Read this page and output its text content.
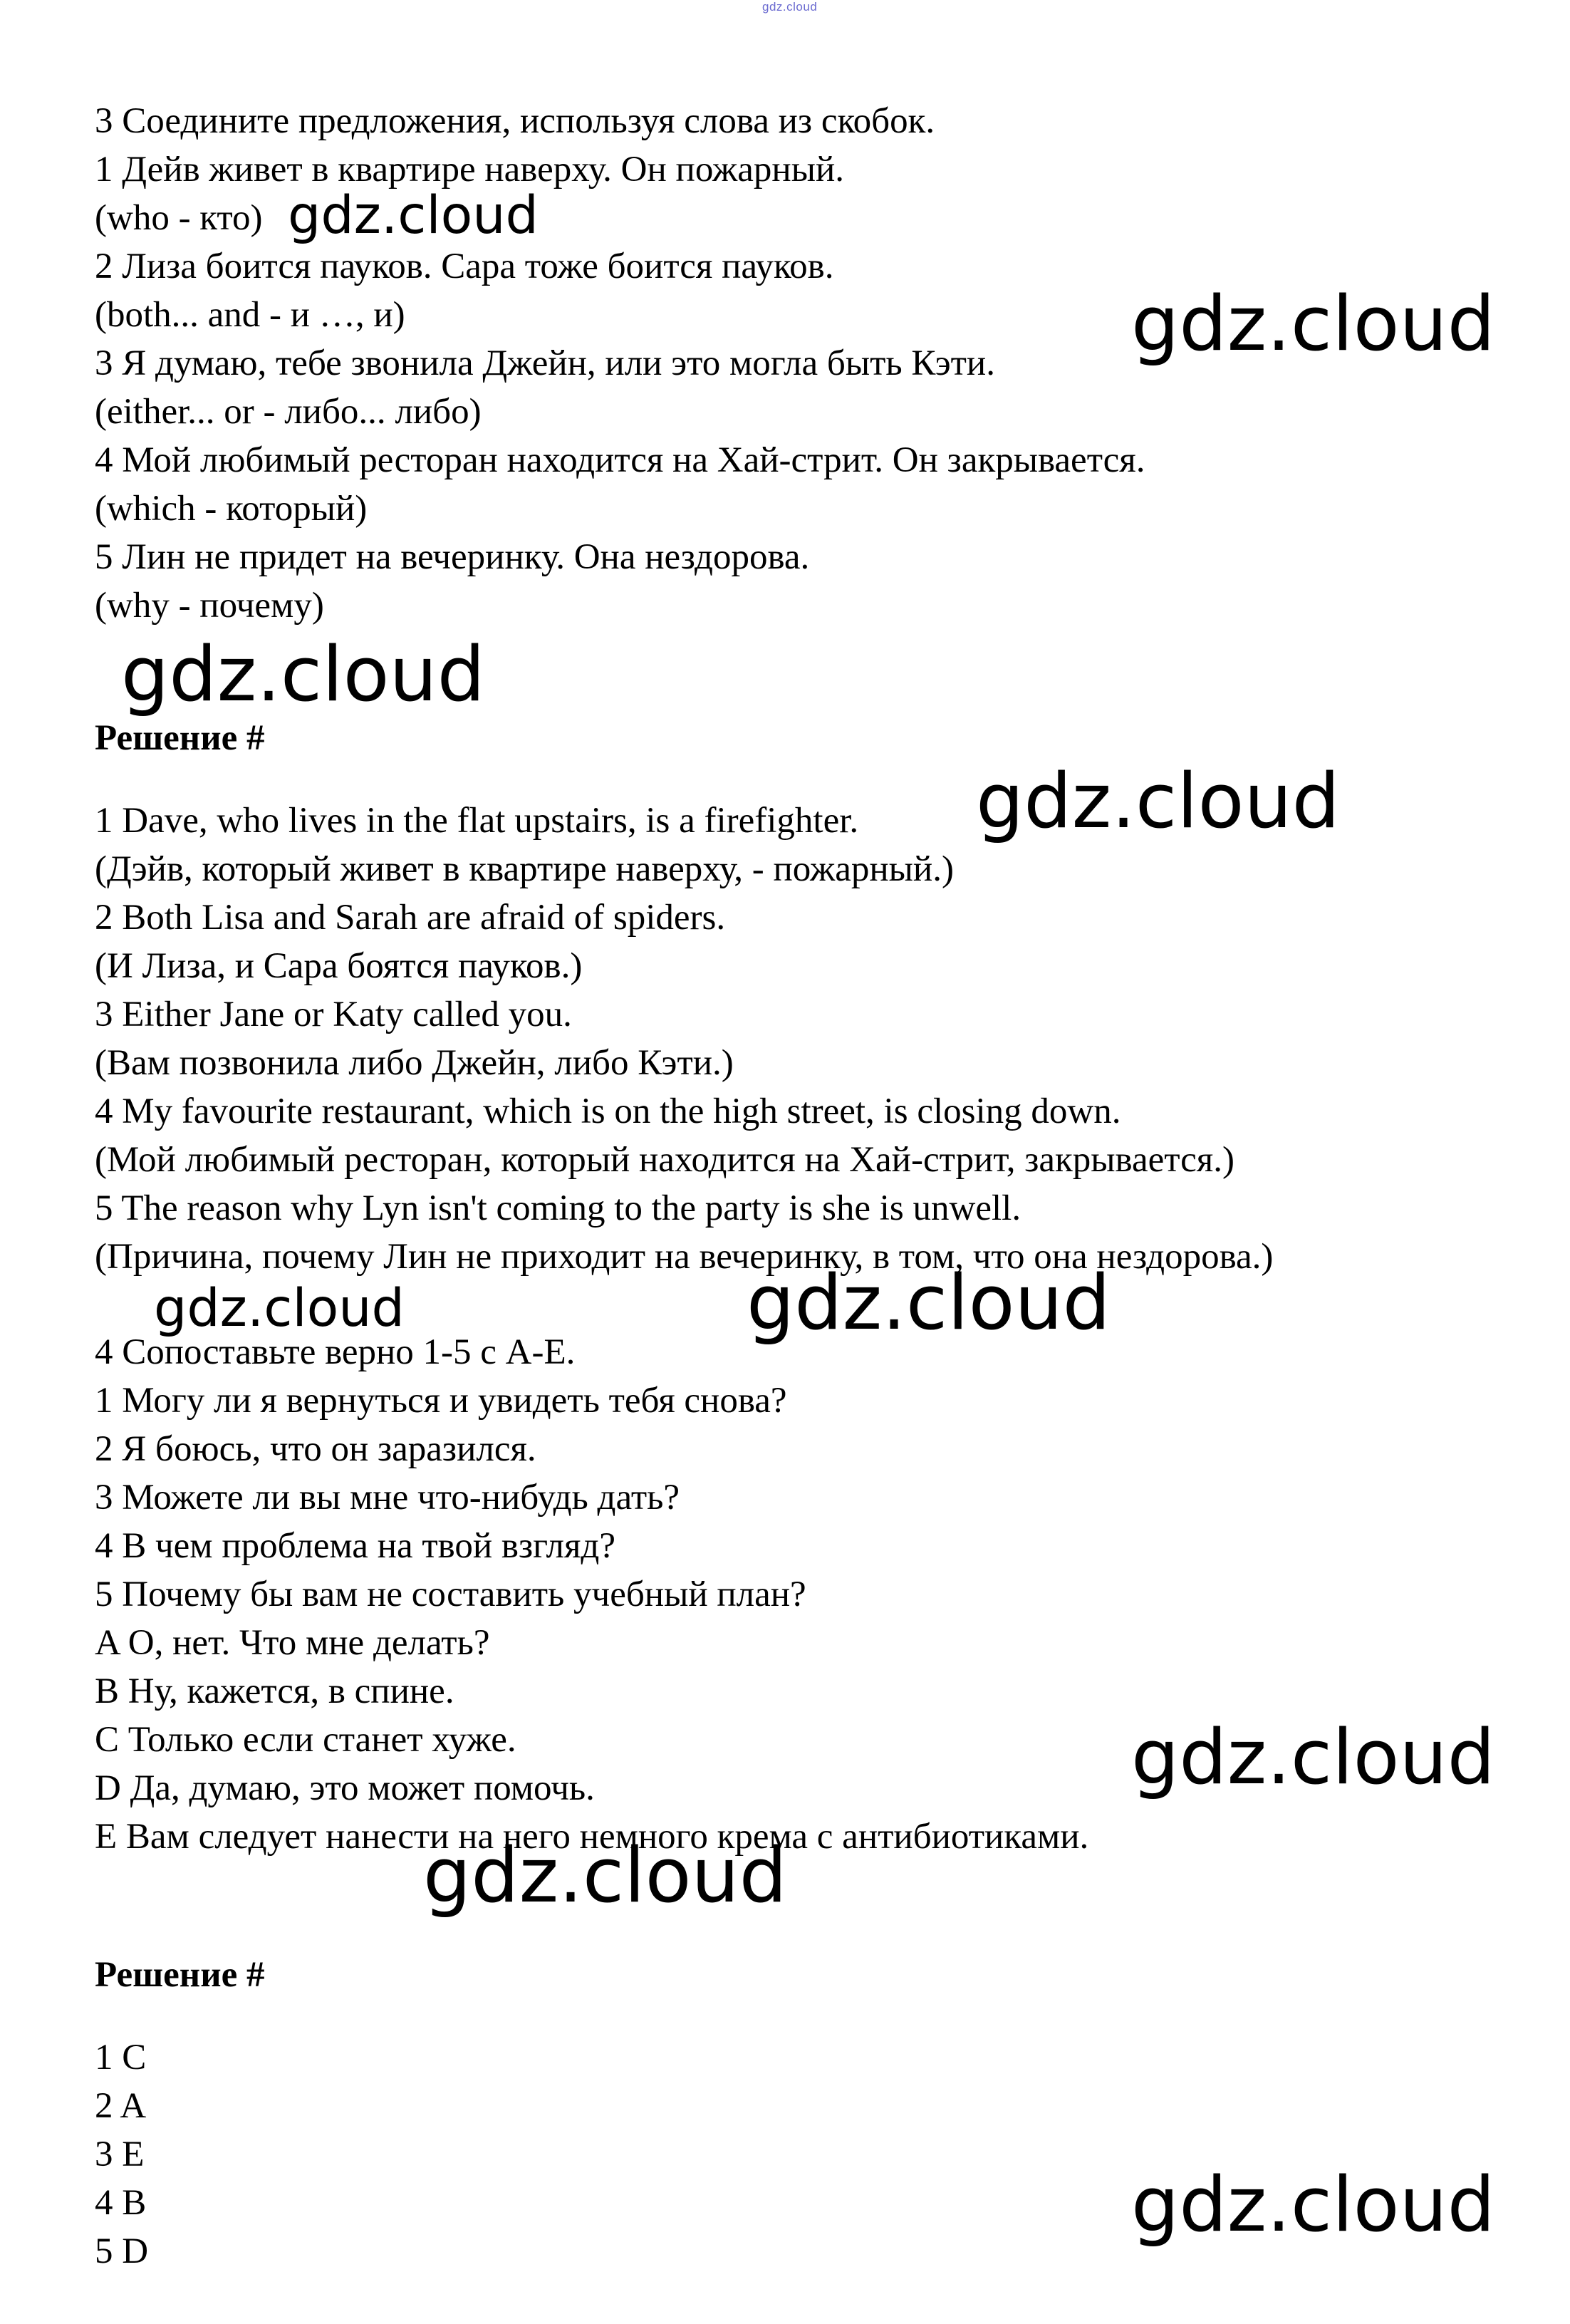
gdz.cloud
3 Соедините предложения, используя слова из скобок.
1 Дейв живет в квартире наверху. Он пожарный.
(who - кто)
2 Лиза боится пауков. Сара тоже боится пауков.
(both... and - и …, и)
3 Я думаю, тебе звонила Джейн, или это могла быть Кэти.
(either... or - либо... либо)
4 Мой любимый ресторан находится на Хай-стрит. Он закрывается.
(which - который)
5 Лин не придет на вечеринку. Она нездорова.
(why - почему)
Решение #
1 Dave, who lives in the flat upstairs, is a firefighter.
(Дэйв, который живет в квартире наверху, - пожарный.)
2 Both Lisa and Sarah are afraid of spiders.
(И Лиза, и Сара боятся пауков.)
3 Either Jane or Katy called you.
(Вам позвонила либо Джейн, либо Кэти.)
4 My favourite restaurant, which is on the high street, is closing down.
(Мой любимый ресторан, который находится на Хай-стрит, закрывается.)
5 The reason why Lyn isn't coming to the party is she is unwell.
(Причина, почему Лин не приходит на вечеринку, в том, что она нездорова.)
4 Сопоставьте верно 1-5 с A-E.
1 Могу ли я вернуться и увидеть тебя снова?
2 Я боюсь, что он заразился.
3 Можете ли вы мне что-нибудь дать?
4 В чем проблема на твой взгляд?
5 Почему бы вам не составить учебный план?
A О, нет. Что мне делать?
B Ну, кажется, в спине.
C Только если станет хуже.
D Да, думаю, это может помочь.
E Вам следует нанести на него немного крема с антибиотиками.
Решение #
1 C
2 A
3 E
4 B
5 D
gdz.cloud
gdz.cloud
gdz.cloud
gdz.cloud
gdz.cloud	gdz.cloud
gdz.cloud
gdz.cloud
gdz.cloud
